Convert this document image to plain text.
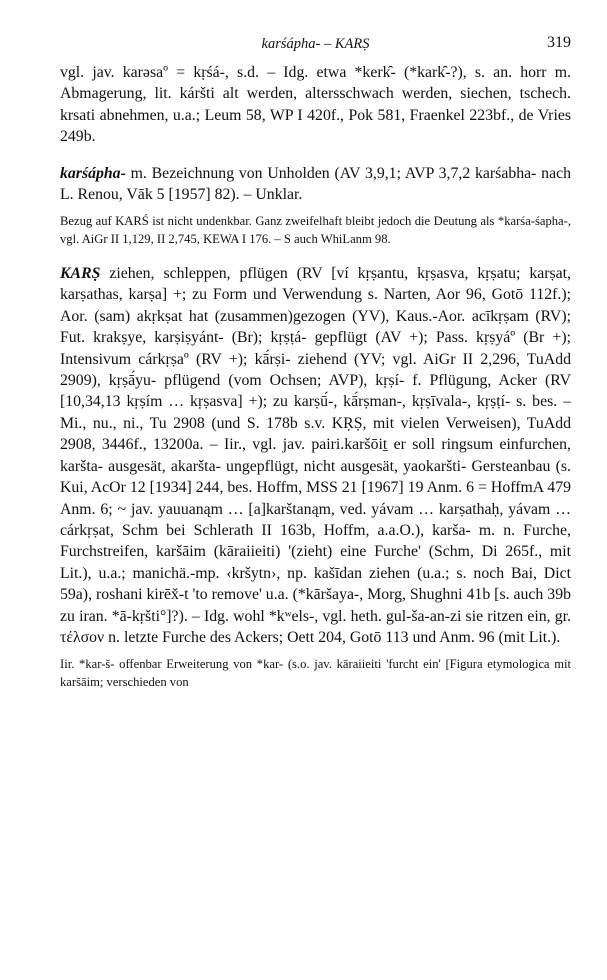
karśápha- – KARṢ	319

vgl. jav. karəsaº = kṛśá-, s.d. – Idg. etwa *kerk̑- (*kark̑-?), s. an. horr m. Abmagerung, lit. káršti alt werden, altersschwach werden, siechen, tschech. krsati abnehmen, u.a.; Leum 58, WP I 420f., Pok 581, Fraenkel 223bf., de Vries 249b.

karśápha- m. Bezeichnung von Unholden (AV 3,9,1; AVP 3,7,2 karśabha- nach L. Renou, Vāk 5 [1957] 82). – Unklar.

Bezug auf KARŚ ist nicht undenkbar. Ganz zweifelhaft bleibt jedoch die Deutung als *karśa-śapha-, vgl. AiGr II 1,129, II 2,745, KEWA I 176. – S auch WhiLanm 98.

KARṢ ziehen, schleppen, pflügen (RV [ví kṛṣantu, kṛṣasva, kṛṣatu; karṣat, karṣathas, karṣa] +; zu Form und Verwendung s. Narten, Aor 96, Gotō 112f.); Aor. (sam) akṛkṣat hat (zusammen)gezogen (YV), Kaus.-Aor. acīkṛṣam (RV); Fut. krakṣye, karṣiṣyánt- (Br); kṛṣṭá- gepflügt (AV +); Pass. kṛṣyáº (Br +); Intensivum cárkṛṣaº (RV +); kā́rṣi- ziehend (YV; vgl. AiGr II 2,296, TuAdd 2909), kṛṣā́yu- pflügend (vom Ochsen; AVP), kṛṣí- f. Pflügung, Acker (RV [10,34,13 kṛṣím … kṛṣasva] +); zu karṣū́-, kā́rṣman-, kṛṣīvala-, kṛṣṭí- s. bes. – Mi., nu., ni., Tu 2908 (und S. 178b s.v. KṚṢ, mit vielen Verweisen), TuAdd 2908, 3446f., 13200a. – Iir., vgl. jav. pairi.karšōiṯ er soll ringsum einfurchen, karšta- ausgesät, akaršta- ungepflügt, nicht ausgesät, yaokaršti- Gersteanbau (s. Kui, AcOr 12 [1934] 244, bes. Hoffm, MSS 21 [1967] 19 Anm. 6 = HoffmA 479 Anm. 6; ~ jav. yauuanąm … [a]karštanąm, ved. yávam … karṣathaḥ, yávam … cárkṛṣat, Schm bei Schlerath II 163b, Hoffm, a.a.O.), karša- m. n. Furche, Furchstreifen, karšāim (kāraiieiti) '(zieht) eine Furche' (Schm, Di 265f., mit Lit.), u.a.; manichä.-mp. ‹kršytn›, np. kašīdan ziehen (u.a.; s. noch Bai, Dict 59a), roshani kirēx̌-t 'to remove' u.a. (*kāršaya-, Morg, Shughni 41b [s. auch 39b zu iran. *ā-kṛšti°]?). – Idg. wohl *kʷels-, vgl. heth. gul-ša-an-zi sie ritzen ein, gr. τέλσον n. letzte Furche des Ackers; Oett 204, Gotō 113 und Anm. 96 (mit Lit.).

Iir. *kar-š- offenbar Erweiterung von *kar- (s.o. jav. kāraiieiti 'furcht ein' [Figura etymologica mit karšāim; verschieden von
